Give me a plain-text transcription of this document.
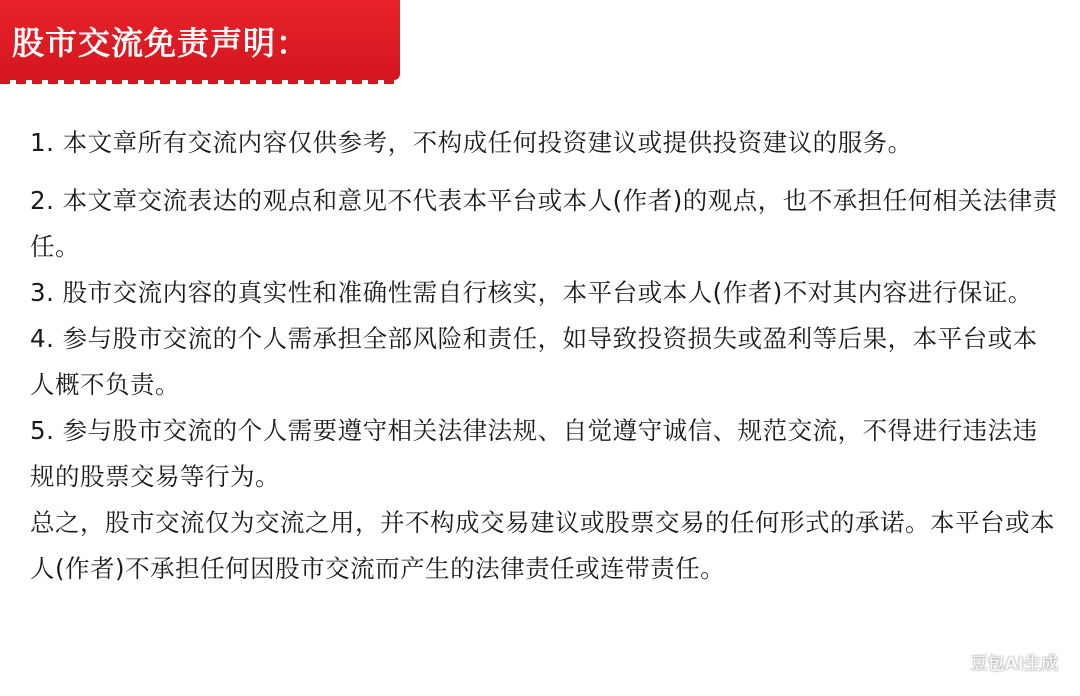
股市交流免责声明：

1. 本文章所有交流内容仅供参考，不构成任何投资建议或提供投资建议的服务。

2. 本文章交流表达的观点和意见不代表本平台或本人(作者)的观点，也不承担任何相关法律责任。

3. 股市交流内容的真实性和准确性需自行核实，本平台或本人(作者)不对其内容进行保证。

4. 参与股市交流的个人需承担全部风险和责任，如导致投资损失或盈利等后果，本平台或本人概不负责。

5. 参与股市交流的个人需要遵守相关法律法规、自觉遵守诚信、规范交流，不得进行违法违规的股票交易等行为。

总之，股市交流仅为交流之用，并不构成交易建议或股票交易的任何形式的承诺。本平台或本人(作者)不承担任何因股市交流而产生的法律责任或连带责任。

豆包AI生成
